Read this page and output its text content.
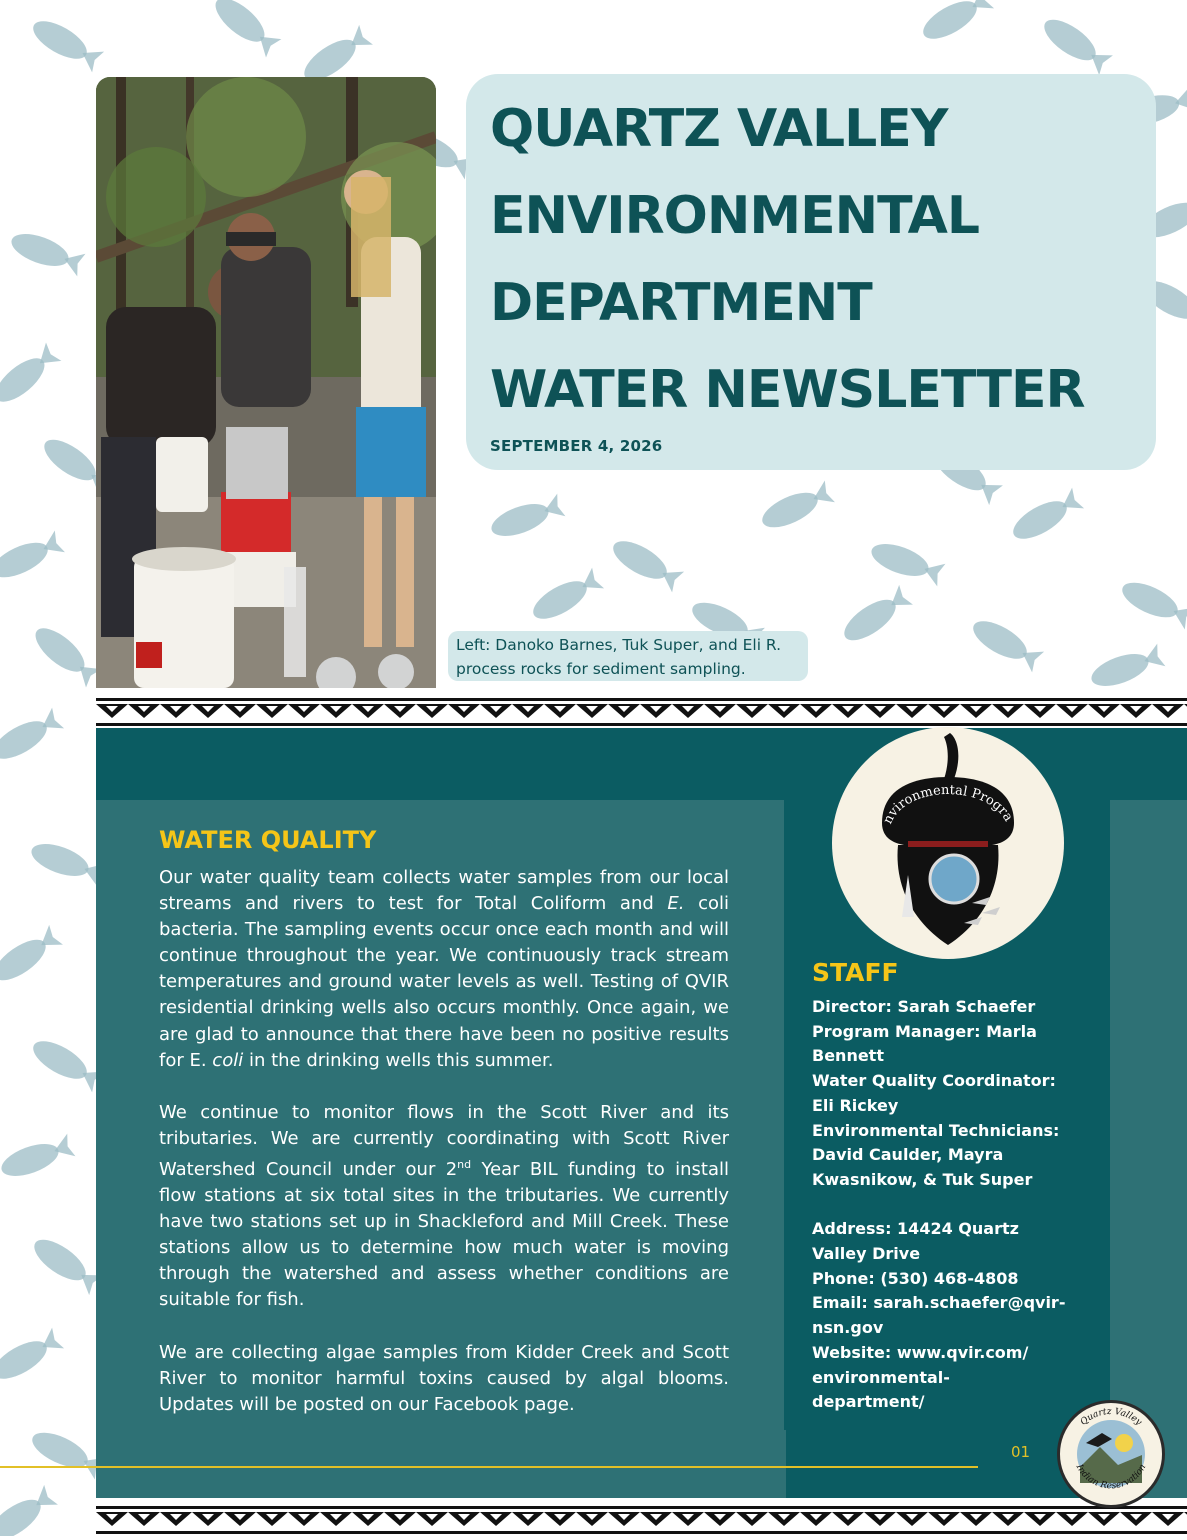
QUARTZ VALLEY
ENVIRONMENTAL
DEPARTMENT
WATER NEWSLETTER
SEPTEMBER 4, 2026
Left: Danoko Barnes, Tuk Super, and Eli R. process rocks for sediment sampling.
WATER QUALITY

Our water quality team collects water samples from our local streams and rivers to test for Total Coliform and E. coli bacteria. The sampling events occur once each month and will continue throughout the year. We continuously track stream temperatures and ground water levels as well. Testing of QVIR residential drinking wells also occurs monthly. Once again, we are glad to announce that there have been no positive results for E. coli in the drinking wells this summer.

We continue to monitor flows in the Scott River and its tributaries. We are currently coordinating with Scott River Watershed Council under our 2nd Year BIL funding to install flow stations at six total sites in the tributaries. We currently have two stations set up in Shackleford and Mill Creek. These stations allow us to determine how much water is moving through the watershed and assess whether conditions are suitable for fish.

We are collecting algae samples from Kidder Creek and Scott River to monitor harmful toxins caused by algal blooms. Updates will be posted on our Facebook page.

nvironmental Progra
STAFF
Director: Sarah Schaefer
Program Manager: Marla
Bennett
Water Quality Coordinator:
Eli Rickey
Environmental Technicians:
David Caulder, Mayra
Kwasnikow, & Tuk Super
Address: 14424 Quartz
Valley Drive
Phone: (530) 468-4808
Email: sarah.schaefer@qvir-
nsn.gov
Website: www.qvir.com/
environmental-
department/
01
Quartz Valley
Indian Reservation
